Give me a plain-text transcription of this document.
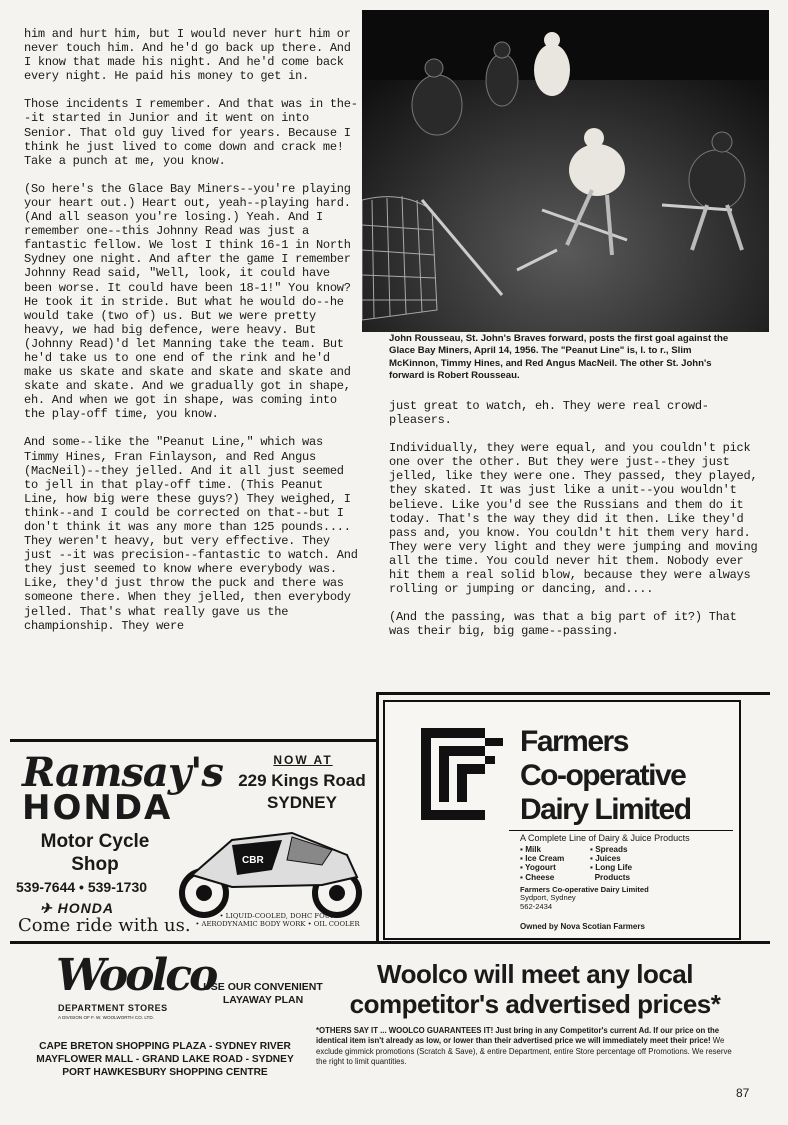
him and hurt him, but I would never hurt him or never touch him. And he'd go back up there. And I know that made his night. And he'd come back every night. He paid his money to get in.

Those incidents I remember. And that was in the--it started in Junior and it went on into Senior. That old guy lived for years. Because I think he just lived to come down and crack me! Take a punch at me, you know.

(So here's the Glace Bay Miners--you're playing your heart out.) Heart out, yeah--playing hard. (And all season you're losing.) Yeah. And I remember one--this Johnny Read was just a fantastic fellow. We lost I think 16-1 in North Sydney one night. And after the game I remember Johnny Read said, "Well, look, it could have been worse. It could have been 18-1!" You know? He took it in stride. But what he would do--he would take (two of) us. But we were pretty heavy, we had big defence, were heavy. But (Johnny Read)'d let Manning take the team. But he'd take us to one end of the rink and he'd make us skate and skate and skate and skate and skate and skate. And we gradually got in shape, eh. And when we got in shape, was coming into the play-off time, you know.

And some--like the "Peanut Line," which was Timmy Hines, Fran Finlayson, and Red Angus (MacNeil)--they jelled. And it all just seemed to jell in that play-off time. (This Peanut Line, how big were these guys?) They weighed, I think--and I could be corrected on that--but I don't think it was any more than 125 pounds.... They weren't heavy, but very effective. They just --it was precision--fantastic to watch. And they just seemed to know where everybody was. Like, they'd just throw the puck and there was someone there. When they jelled, then everybody jelled. That's what really gave us the championship. They were

John Rousseau, St. John's Braves forward, posts the first goal against the Glace Bay Miners, April 14, 1956. The "Peanut Line" is, l. to r., Slim McKinnon, Timmy Hines, and Red Angus MacNeil. The other St. John's forward is Robert Rousseau.

just great to watch, eh. They were real crowd-pleasers.

Individually, they were equal, and you couldn't pick one over the other. But they were just--they just jelled, like they were one. They passed, they played, they skated. It was just like a unit--you wouldn't believe. Like you'd see the Russians and them do it today. That's the way they did it then. Like they'd pass and, you know. You couldn't hit them very hard. They were very light and they were jumping and moving all the time. You could never hit them. Nobody ever hit them a real solid blow, because they were always rolling or jumping or dancing, and....

(And the passing, was that a big part of it?) That was their big, big game--passing.

Ramsay's
HONDA
NOW AT
229 Kings Road
SYDNEY
Motor Cycle
Shop
539-7644 • 539-1730
✈ HONDA
Come ride with us.
CBR
• LIQUID-COOLED, DOHC FOUR
• AERODYNAMIC BODY WORK • OIL COOLER
Farmers
Co-operative
Dairy Limited
A Complete Line of Dairy & Juice Products
▪ Milk
▪ Ice Cream
▪ Yogourt
▪ Cheese
▪ Spreads
▪ Juices
▪ Long Life
Products
Farmers Co-operative Dairy Limited
Sydport, Sydney
562-2434
Owned by Nova Scotian Farmers
Woolco
DEPARTMENT STORES
A DIVISION OF F. W. WOOLWORTH CO. LTD.
USE OUR CONVENIENT
LAYAWAY PLAN
Woolco will meet any local
competitor's advertised prices*
CAPE BRETON SHOPPING PLAZA - SYDNEY RIVER
MAYFLOWER MALL - GRAND LAKE ROAD - SYDNEY
PORT HAWKESBURY SHOPPING CENTRE
*OTHERS SAY IT ... WOOLCO GUARANTEES IT! Just bring in any Competitor's current Ad. If our price on the identical item isn't already as low, or lower than their advertised price we will immediately meet their price! We exclude gimmick promotions (Scratch & Save), & entire Department, entire Store percentage off Promotions. We reserve the right to limit quantities.
87
